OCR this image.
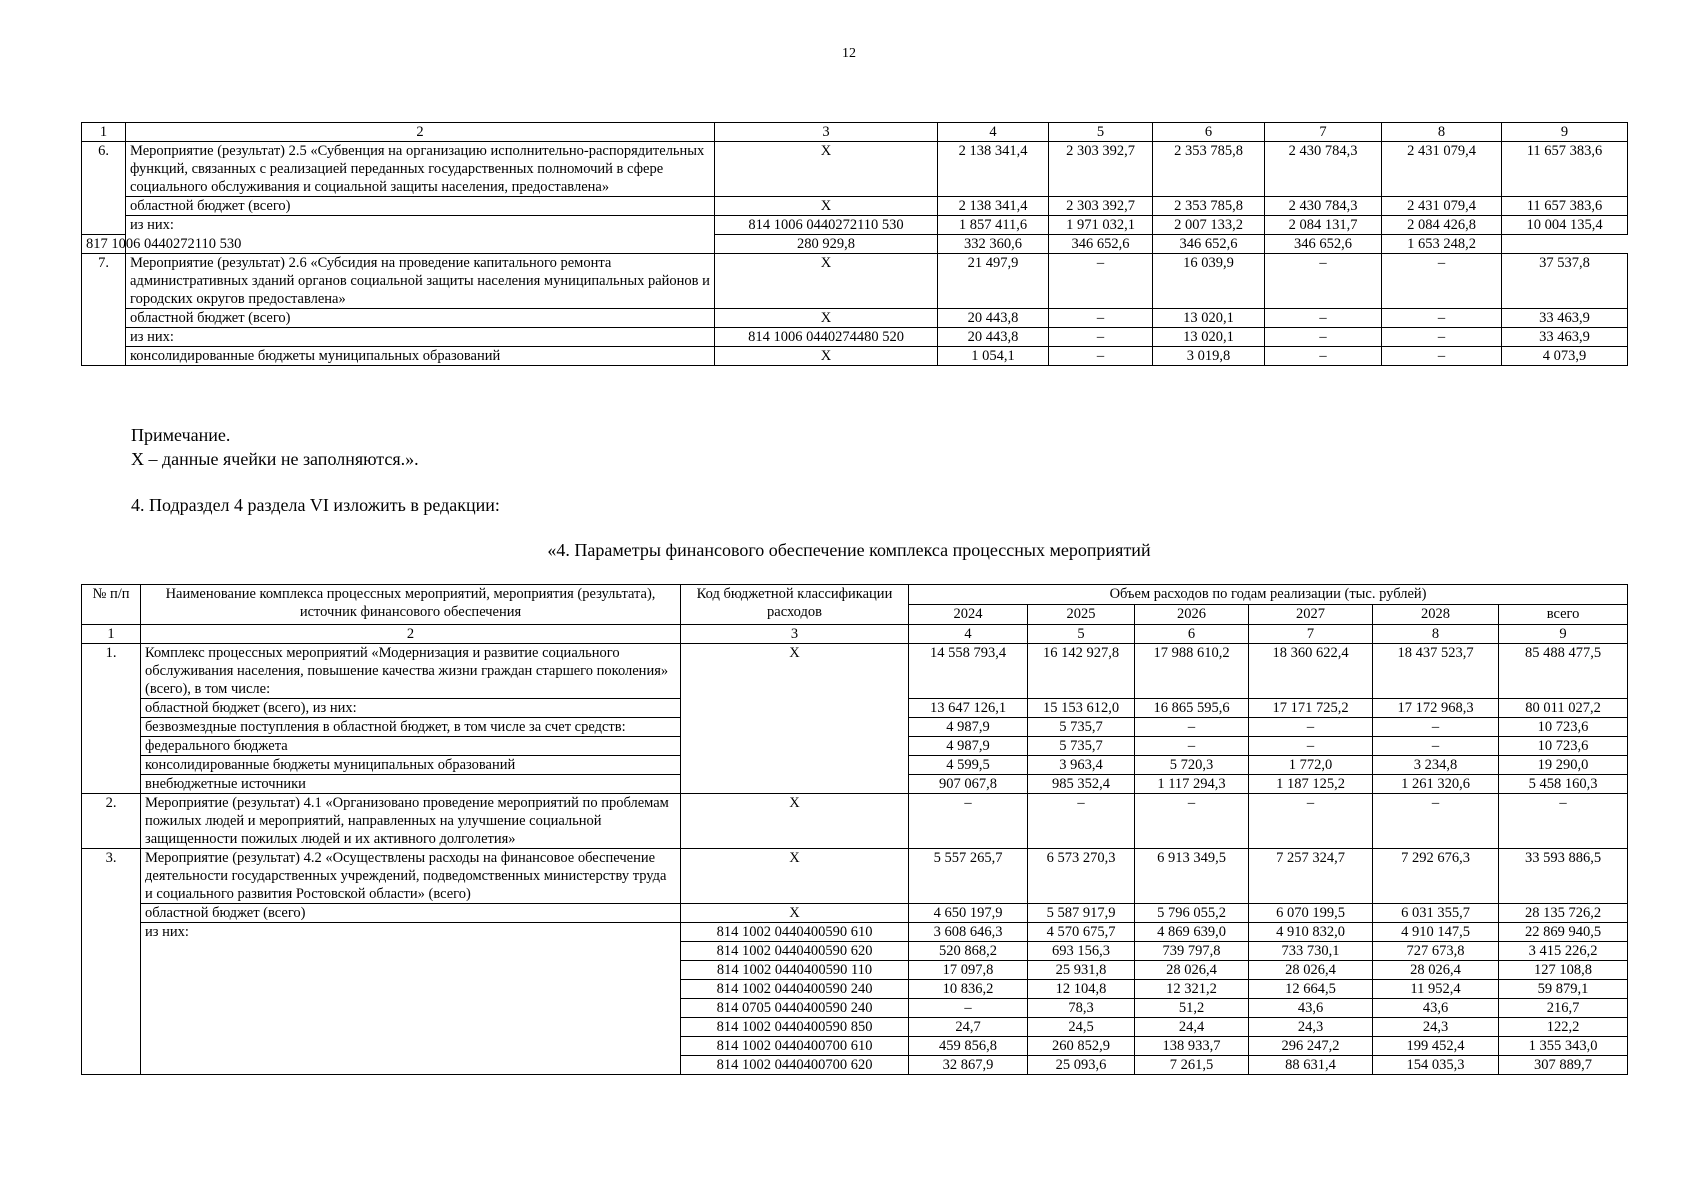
12
1	2	3	4	5	6	7	8	9
6.	Мероприятие (результат) 2.5 «Субвенция на организацию исполнительно-распорядительных функций, связанных с реализацией переданных государственных полномочий в сфере социального обслуживания и социальной защиты населения, предоставлена»	X	2 138 341,4	2 303 392,7	2 353 785,8	2 430 784,3	2 431 079,4	11 657 383,6
	областной бюджет (всего)	X	2 138 341,4	2 303 392,7	2 353 785,8	2 430 784,3	2 431 079,4	11 657 383,6
	из них:	814 1006 0440272110 530	1 857 411,6	1 971 032,1	2 007 133,2	2 084 131,7	2 084 426,8	10 004 135,4
817 1006 0440272110 530		280 929,8	332 360,6	346 652,6	346 652,6	346 652,6	1 653 248,2	
7.	Мероприятие (результат) 2.6 «Субсидия на проведение капитального ремонта административных зданий органов социальной защиты населения муниципальных районов и городских округов предоставлена»	X	21 497,9	–	16 039,9	–	–	37 537,8
	областной бюджет (всего)	X	20 443,8	–	13 020,1	–	–	33 463,9
	из них:	814 1006 0440274480 520	20 443,8	–	13 020,1	–	–	33 463,9
	консолидированные бюджеты муниципальных образований	X	1 054,1	–	3 019,8	–	–	4 073,9
Примечание.
X – данные ячейки не заполняются.».
4. Подраздел 4 раздела VI изложить в редакции:
«4. Параметры финансового обеспечение комплекса процессных мероприятий
№ п/п	Наименование комплекса процессных мероприятий, мероприятия (результата), источник финансового обеспечения	Код бюджетной классификации расходов	Объем расходов по годам реализации (тыс. рублей)					
			2024	2025	2026	2027	2028	всего
1	2	3	4	5	6	7	8	9
1.	Комплекс процессных мероприятий «Модернизация и развитие социального обслуживания населения, повышение качества жизни граждан старшего поколения» (всего), в том числе:	X	14 558 793,4	16 142 927,8	17 988 610,2	18 360 622,4	18 437 523,7	85 488 477,5
	областной бюджет (всего), из них:		13 647 126,1	15 153 612,0	16 865 595,6	17 171 725,2	17 172 968,3	80 011 027,2
	безвозмездные поступления в областной бюджет, в том числе за счет средств:		4 987,9	5 735,7	–	–	–	10 723,6
	федерального бюджета		4 987,9	5 735,7	–	–	–	10 723,6
	консолидированные бюджеты муниципальных образований		4 599,5	3 963,4	5 720,3	1 772,0	3 234,8	19 290,0
	внебюджетные источники		907 067,8	985 352,4	1 117 294,3	1 187 125,2	1 261 320,6	5 458 160,3
2.	Мероприятие (результат) 4.1 «Организовано проведение мероприятий по проблемам пожилых людей и мероприятий, направленных на улучшение социальной защищенности пожилых людей и их активного долголетия»	X	–	–	–	–	–	–
3.	Мероприятие (результат) 4.2 «Осуществлены расходы на финансовое обеспечение деятельности государственных учреждений, подведомственных министерству труда и социального развития Ростовской области» (всего)	X	5 557 265,7	6 573 270,3	6 913 349,5	7 257 324,7	7 292 676,3	33 593 886,5
	областной бюджет (всего)	X	4 650 197,9	5 587 917,9	5 796 055,2	6 070 199,5	6 031 355,7	28 135 726,2
	из них:	814 1002 0440400590 610	3 608 646,3	4 570 675,7	4 869 639,0	4 910 832,0	4 910 147,5	22 869 940,5
		814 1002 0440400590 620	520 868,2	693 156,3	739 797,8	733 730,1	727 673,8	3 415 226,2
		814 1002 0440400590 110	17 097,8	25 931,8	28 026,4	28 026,4	28 026,4	127 108,8
		814 1002 0440400590 240	10 836,2	12 104,8	12 321,2	12 664,5	11 952,4	59 879,1
		814 0705 0440400590 240	–	78,3	51,2	43,6	43,6	216,7
		814 1002 0440400590 850	24,7	24,5	24,4	24,3	24,3	122,2
		814 1002 0440400700 610	459 856,8	260 852,9	138 933,7	296 247,2	199 452,4	1 355 343,0
		814 1002 0440400700 620	32 867,9	25 093,6	7 261,5	88 631,4	154 035,3	307 889,7
